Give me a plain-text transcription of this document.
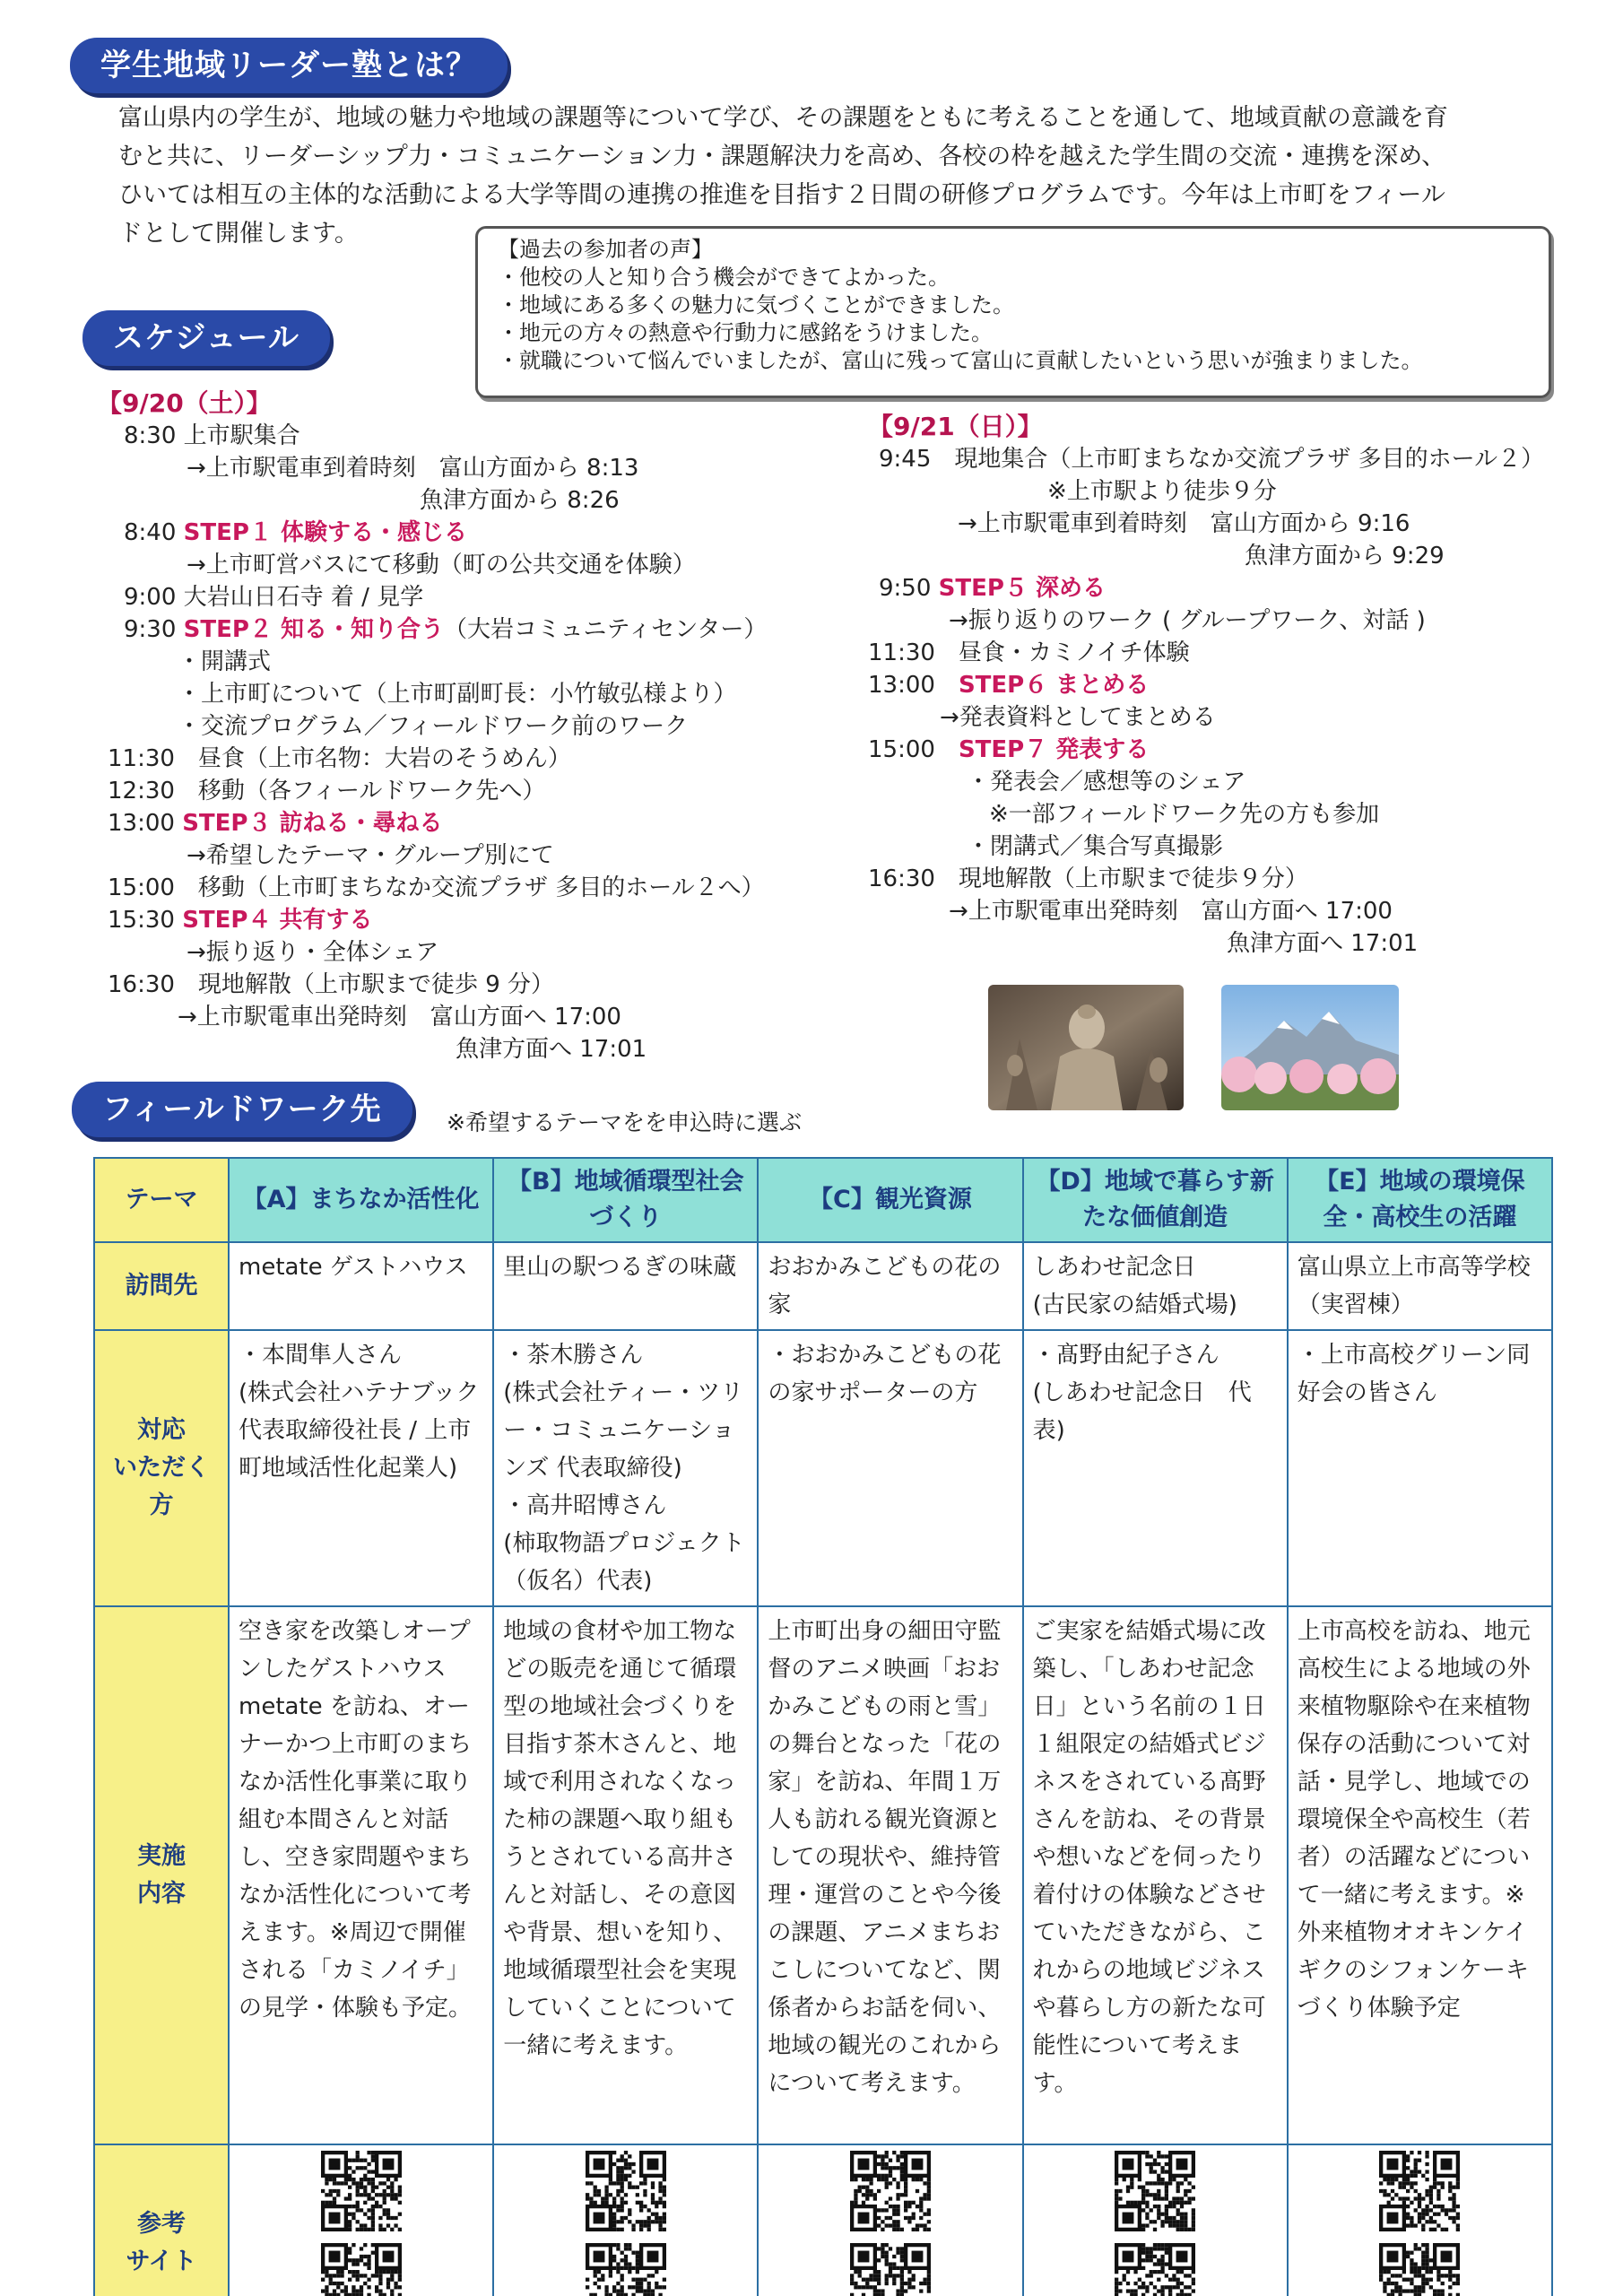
学生地域リーダー塾とは？
富山県内の学生が、地域の魅力や地域の課題等について学び、その課題をともに考えることを通して、地域貢献の意識を育
むと共に、リーダーシップ力・コミュニケーション力・課題解決力を高め、各校の枠を越えた学生間の交流・連携を深め、
ひいては相互の主体的な活動による大学等間の連携の推進を目指す２日間の研修プログラムです。今年は上市町をフィール
ドとして開催します。
【過去の参加者の声】
・他校の人と知り合う機会ができてよかった。
・地域にある多くの魅力に気づくことができました。
・地元の方々の熱意や行動力に感銘をうけました。
・就職について悩んでいましたが、富山に残って富山に貢献したいという思いが強まりました。
スケジュール
【9/20（土）】
8:30 上市駅集合
→上市駅電車到着時刻　富山方面から 8:13
魚津方面から 8:26
8:40 STEP１ 体験する・感じる
→上市町営バスにて移動（町の公共交通を体験）
9:00 大岩山日石寺 着 / 見学
9:30 STEP２ 知る・知り合う（大岩コミュニティセンター）
・開講式
・上市町について（上市町副町長：小竹敏弘様より）
・交流プログラム／フィールドワーク前のワーク
11:30　昼食（上市名物：大岩のそうめん）
12:30　移動（各フィールドワーク先へ）
13:00 STEP３ 訪ねる・尋ねる
→希望したテーマ・グループ別にて
15:00　移動（上市町まちなか交流プラザ 多目的ホール２へ）
15:30 STEP４ 共有する
→振り返り・全体シェア
16:30　現地解散（上市駅まで徒歩 9 分）
→上市駅電車出発時刻　富山方面へ 17:00
魚津方面へ 17:01
【9/21（日）】
9:45　現地集合（上市町まちなか交流プラザ 多目的ホール２）
※上市駅より徒歩９分
→上市駅電車到着時刻　富山方面から 9:16
魚津方面から 9:29
9:50 STEP５ 深める
→振り返りのワーク ( グループワーク、対話 )
11:30　昼食・カミノイチ体験
13:00　STEP６ まとめる
→発表資料としてまとめる
15:00　STEP７ 発表する
・発表会／感想等のシェア
※一部フィールドワーク先の方も参加
・閉講式／集合写真撮影
16:30　現地解散（上市駅まで徒歩９分）
→上市駅電車出発時刻　富山方面へ 17:00
魚津方面へ 17:01
フィールドワーク先	※希望するテーマをを申込時に選ぶ
テーマ	【A】まちなか活性化	【B】地域循環型社会づくり	【C】観光資源	【D】地域で暮らす新たな価値創造	【E】地域の環境保全・高校生の活躍
訪問先	metate ゲストハウス	里山の駅つるぎの味蔵	おおかみこどもの花の家	しあわせ記念日
(古民家の結婚式場)	富山県立上市高等学校（実習棟）
対応
いただく
方	・本間隼人さん
(株式会社ハテナブック 代表取締役社長 / 上市町地域活性化起業人)	・茶木勝さん
(株式会社ティー・ツリー・コミュニケーションズ 代表取締役)
・高井昭博さん
(柿取物語プロジェクト（仮名）代表)	・おおかみこどもの花の家サポーターの方	・髙野由紀子さん
(しあわせ記念日　代表)	・上市高校グリーン同好会の皆さん
実施
内容	空き家を改築しオープンしたゲストハウス metate を訪ね、オーナーかつ上市町のまちなか活性化事業に取り組む本間さんと対話し、空き家問題やまちなか活性化について考えます。※周辺で開催される「カミノイチ」の見学・体験も予定。	地域の食材や加工物などの販売を通じて循環型の地域社会づくりを目指す茶木さんと、地域で利用されなくなった柿の課題へ取り組もうとされている高井さんと対話し、その意図や背景、想いを知り、地域循環型社会を実現していくことについて一緒に考えます。	上市町出身の細田守監督のアニメ映画「おおかみこどもの雨と雪」の舞台となった「花の家」を訪ね、年間１万人も訪れる観光資源としての現状や、維持管理・運営のことや今後の課題、アニメまちおこしについてなど、関係者からお話を伺い、地域の観光のこれからについて考えます。	ご実家を結婚式場に改築し、「しあわせ記念日」という名前の１日１組限定の結婚式ビジネスをされている髙野さんを訪ね、その背景や想いなどを伺ったり着付けの体験などさせていただきながら、これからの地域ビジネスや暮らし方の新たな可能性について考えます。	上市高校を訪ね、地元高校生による地域の外来植物駆除や在来植物保存の活動について対話・見学し、地域での環境保全や高校生（若者）の活躍などについて一緒に考えます。※外来植物オオキンケイギクのシフォンケーキづくり体験予定
参考
サイト					
